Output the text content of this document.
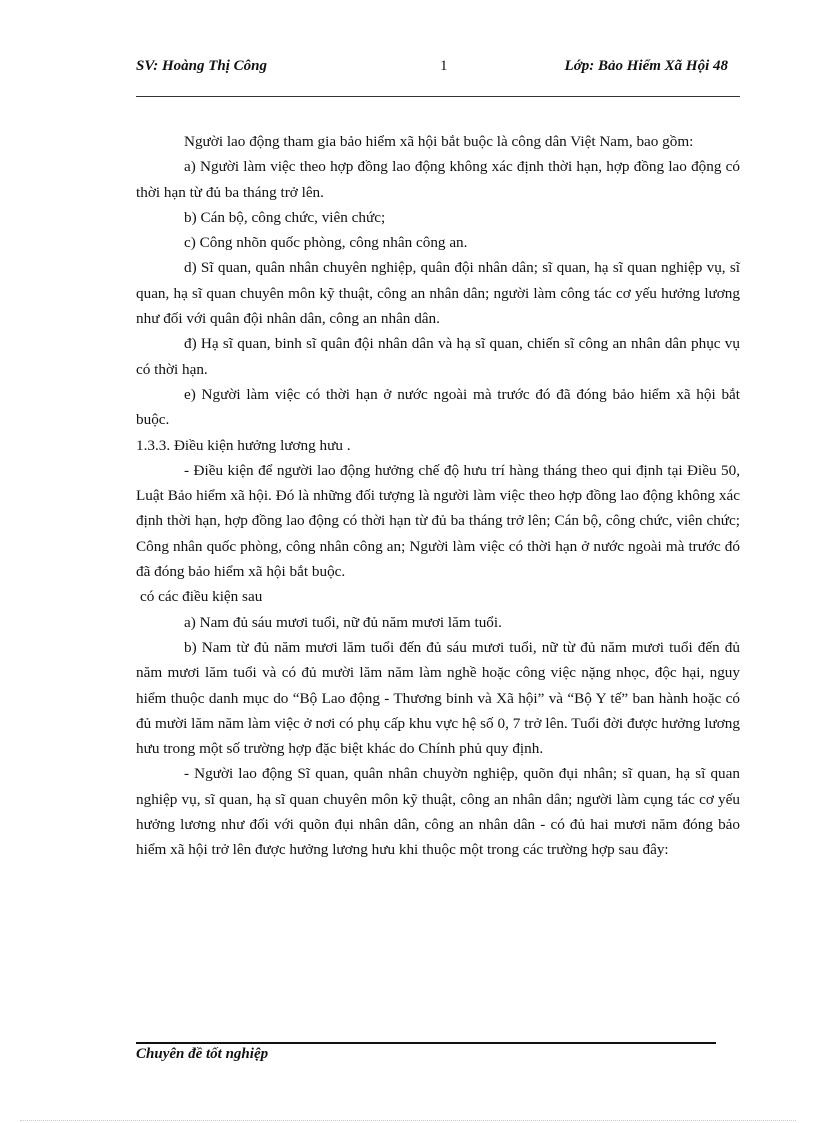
SV: Hoàng Thị Công	1	Lớp: Bảo Hiểm Xã Hội 48

Người lao động tham gia bảo hiểm xã hội bắt buộc là công dân Việt Nam, bao gồm:

a) Người làm việc theo hợp đồng lao động không xác định thời hạn, hợp đồng lao động có thời hạn từ đủ ba tháng trở lên.

b) Cán bộ, công chức, viên chức;

c) Công nhõn quốc phòng, công nhân công an.

d) Sĩ quan, quân nhân chuyên nghiệp, quân đội nhân dân; sĩ quan, hạ sĩ quan nghiệp vụ, sĩ quan, hạ sĩ quan chuyên môn kỹ thuật, công an nhân dân; người làm công tác cơ yếu hưởng lương như đối với quân đội nhân dân, công an nhân dân.

đ) Hạ sĩ quan, binh sĩ quân đội nhân dân và hạ sĩ quan, chiến sĩ công an nhân dân phục vụ có thời hạn.

e) Người làm việc có thời hạn ở nước ngoài mà trước đó đã đóng bảo hiểm xã hội bắt buộc.

1.3.3. Điều kiện hưởng lương hưu .

- Điều kiện để người lao động hưởng chế độ hưu trí hàng tháng theo qui định tại Điều 50, Luật Bảo hiểm xã hội. Đó là những đối tượng là người làm việc theo hợp đồng lao động không xác định thời hạn, hợp đồng lao động có thời hạn từ đủ ba tháng trở lên; Cán bộ, công chức, viên chức; Công nhân quốc phòng, công nhân công an; Người làm việc có thời hạn ở nước ngoài mà trước đó đã đóng bảo hiểm xã hội bắt buộc.

có các điều kiện sau

a) Nam đủ sáu mươi tuổi, nữ đủ năm mươi lăm tuổi.

b) Nam từ đủ năm mươi lăm tuổi đến đủ sáu mươi tuổi, nữ từ đủ năm mươi tuổi đến đủ năm mươi lăm tuổi và có đủ mười lăm năm làm nghề hoặc công việc nặng nhọc, độc hại, nguy hiểm thuộc danh mục do “Bộ Lao động - Thương binh và Xã hội” và “Bộ Y tế” ban hành hoặc có đủ mười lăm năm làm việc ở nơi có phụ cấp khu vực hệ số 0, 7 trở lên. Tuổi đời được hưởng lương hưu trong một số trường hợp đặc biệt khác do Chính phủ quy định.

- Người lao động Sĩ quan, quân nhân chuyờn nghiệp, quõn đụi nhân; sĩ quan, hạ sĩ quan nghiệp vụ, sĩ quan, hạ sĩ quan chuyên môn kỹ thuật, công an nhân dân; người làm cụng tác cơ yếu hưởng lương như đối với quõn đụi nhân dân, công an nhân dân - có đủ hai mươi năm đóng bảo hiểm xã hội trở lên được hưởng lương hưu khi thuộc một trong các trường hợp sau đây:

Chuyên đề tốt nghiệp
